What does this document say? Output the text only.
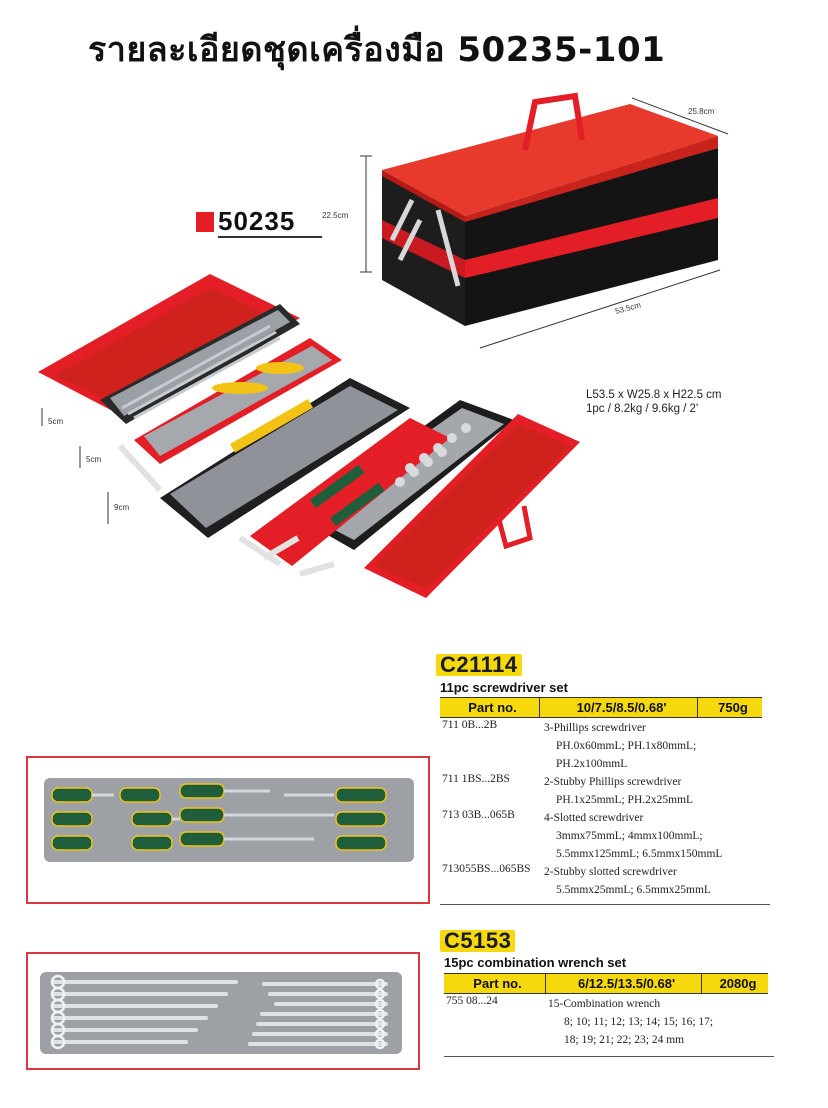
รายละเอียดชุดเครื่องมือ 50235-101
50235	22.5cm
25.8cm
53.5cm
5cm
5cm
9cm
L53.5 x W25.8 x H22.5 cm
1pc / 8.2kg / 9.6kg / 2'
C21114
11pc screwdriver set
Part no.	10/7.5/8.5/0.68'	750g
711 0B...2B	3-Phillips screwdriver
PH.0x60mmL; PH.1x80mmL;
PH.2x100mmL
711 1BS...2BS	2-Stubby Phillips screwdriver
PH.1x25mmL; PH.2x25mmL
713 03B...065B	4-Slotted screwdriver
3mmx75mmL; 4mmx100mmL;
5.5mmx125mmL; 6.5mmx150mmL
713055BS...065BS	2-Stubby slotted screwdriver
5.5mmx25mmL; 6.5mmx25mmL
C5153
15pc combination wrench set
Part no.	6/12.5/13.5/0.68'	2080g
755 08...24	15-Combination wrench
8; 10; 11; 12; 13; 14; 15; 16; 17;
18; 19; 21; 22; 23; 24 mm
